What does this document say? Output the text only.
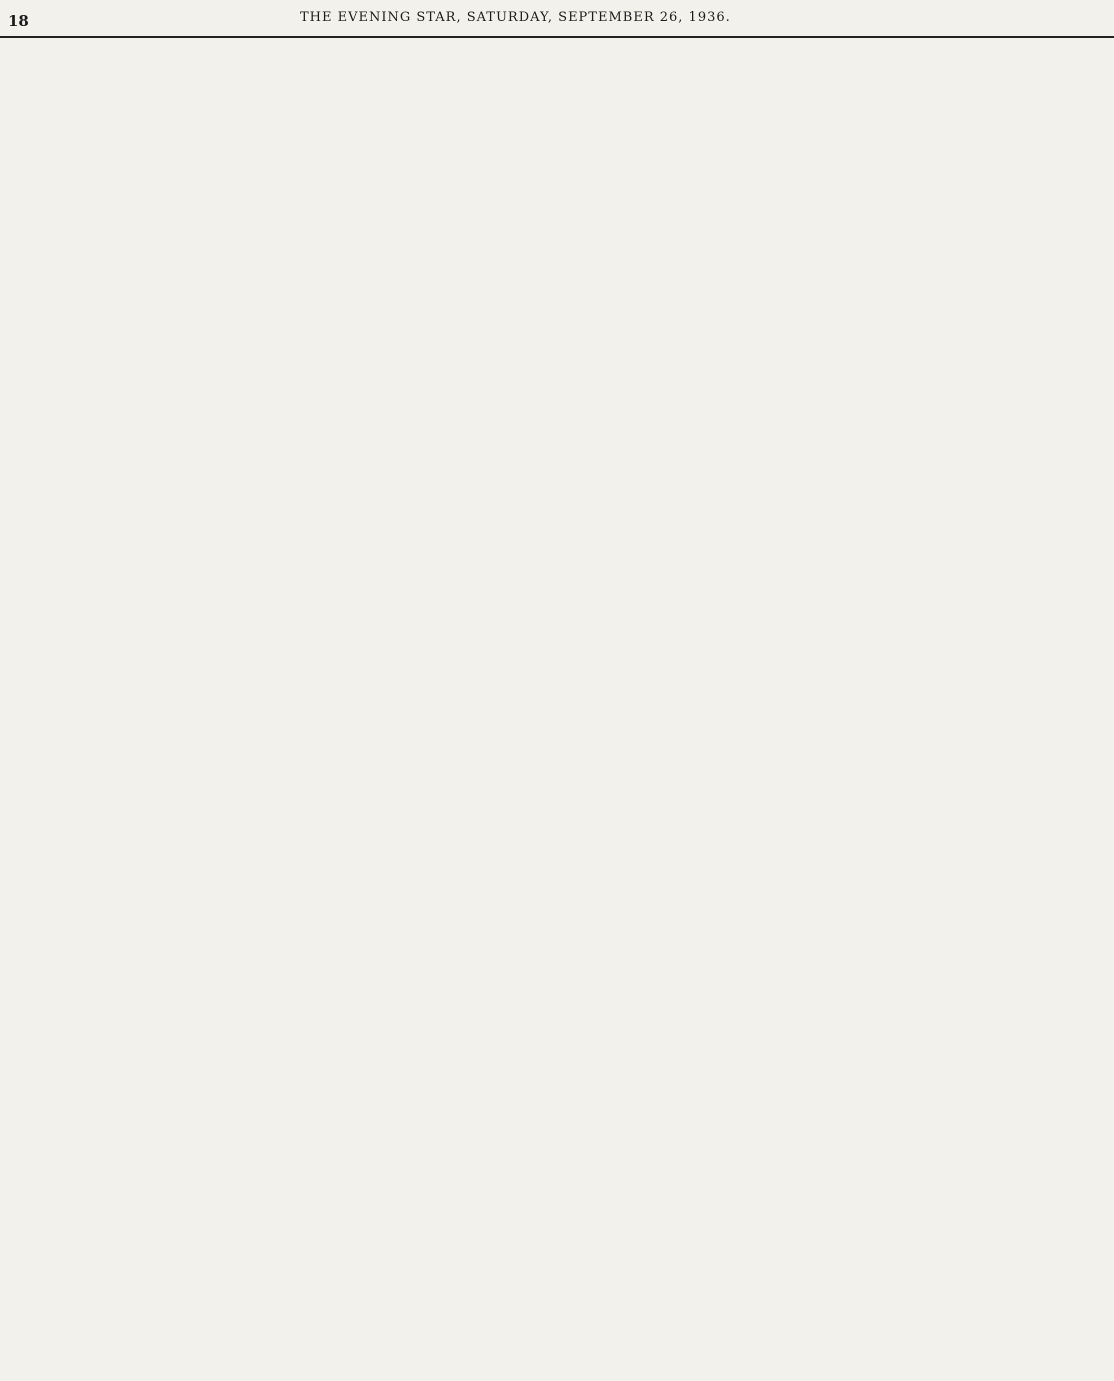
18	THE EVENING STAR, SATURDAY, SEPTEMBER 26, 1936.
